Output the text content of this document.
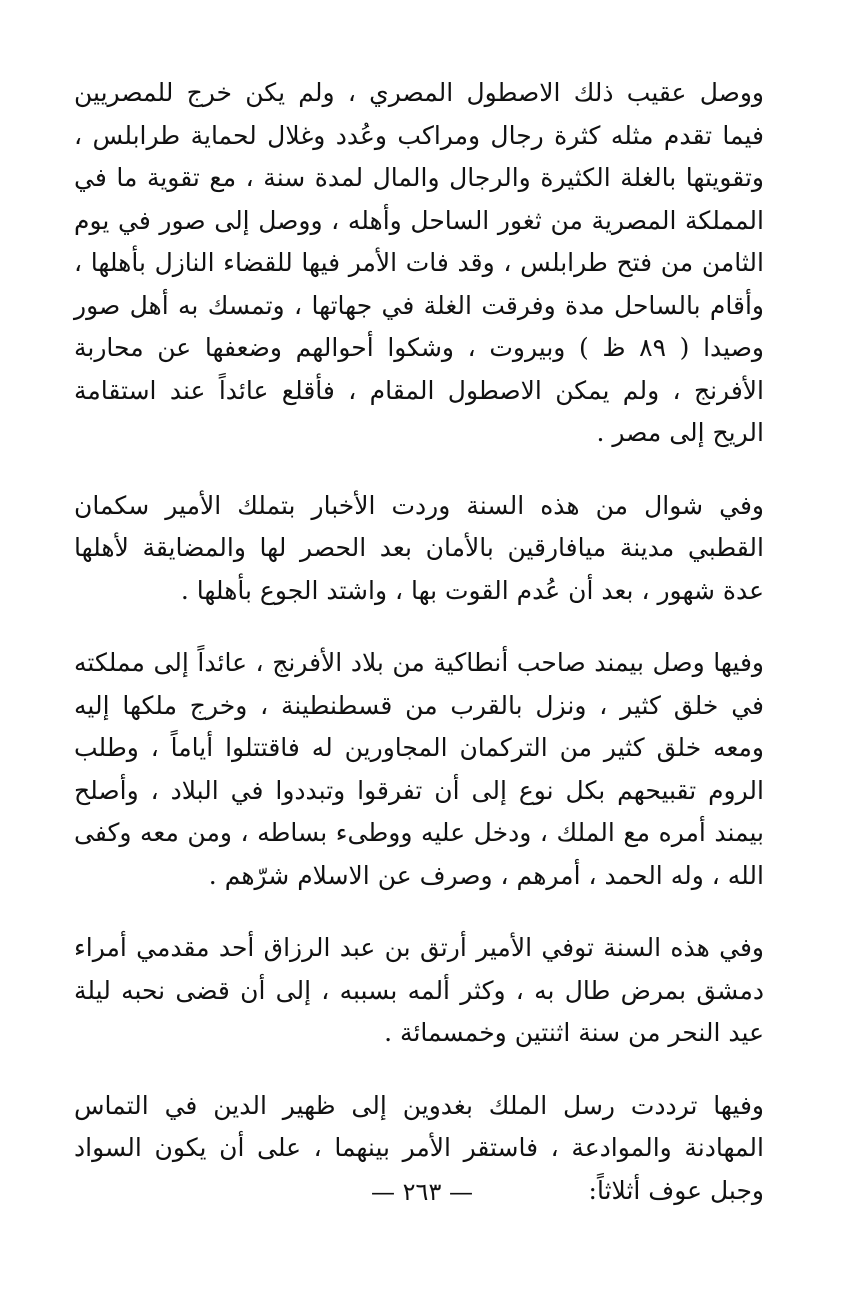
ووصل عقيب ذلك الاصطول المصري ، ولم يكن خرج للمصريين فيما تقدم مثله كثرة رجال ومراكب وعُدد وغلال لحماية طرابلس ، وتقويتها بالغلة الكثيرة والرجال والمال لمدة سنة ، مع تقوية ما في المملكة المصرية من ثغور الساحل وأهله ، ووصل إلى صور في يوم الثامن من فتح طرابلس ، وقد فات الأمر فيها للقضاء النازل بأهلها ، وأقام بالساحل مدة وفرقت الغلة في جهاتها ، وتمسك به أهل صور وصيدا ( ٨٩ ظ ) وبيروت ، وشكوا أحوالهم وضعفها عن محاربة الأفرنج ، ولم يمكن الاصطول المقام ، فأقلع عائداً عند استقامة الريح إلى مصر .

وفي شوال من هذه السنة وردت الأخبار بتملك الأمير سكمان القطبي مدينة ميافارقين بالأمان بعد الحصر لها والمضايقة لأهلها عدة شهور ، بعد أن عُدم القوت بها ، واشتد الجوع بأهلها .

وفيها وصل بيمند صاحب أنطاكية من بلاد الأفرنج ، عائداً إلى مملكته في خلق كثير ، ونزل بالقرب من قسطنطينة ، وخرج ملكها إليه ومعه خلق كثير من التركمان المجاورين له فاقتتلوا أياماً ، وطلب الروم تقبيحهم بكل نوع إلى أن تفرقوا وتبددوا في البلاد ، وأصلح بيمند أمره مع الملك ، ودخل عليه ووطىء بساطه ، ومن معه وكفى الله ، وله الحمد ، أمرهم ، وصرف عن الاسلام شرّهم .

وفي هذه السنة توفي الأمير أرتق بن عبد الرزاق أحد مقدمي أمراء دمشق بمرض طال به ، وكثر ألمه بسببه ، إلى أن قضى نحبه ليلة عيد النحر من سنة اثنتين وخمسمائة .

وفيها ترددت رسل الملك بغدوين إلى ظهير الدين في التماس المهادنة والموادعة ، فاستقر الأمر بينهما ، على أن يكون السواد وجبل عوف أثلاثاً:

— ٢٦٣ —
